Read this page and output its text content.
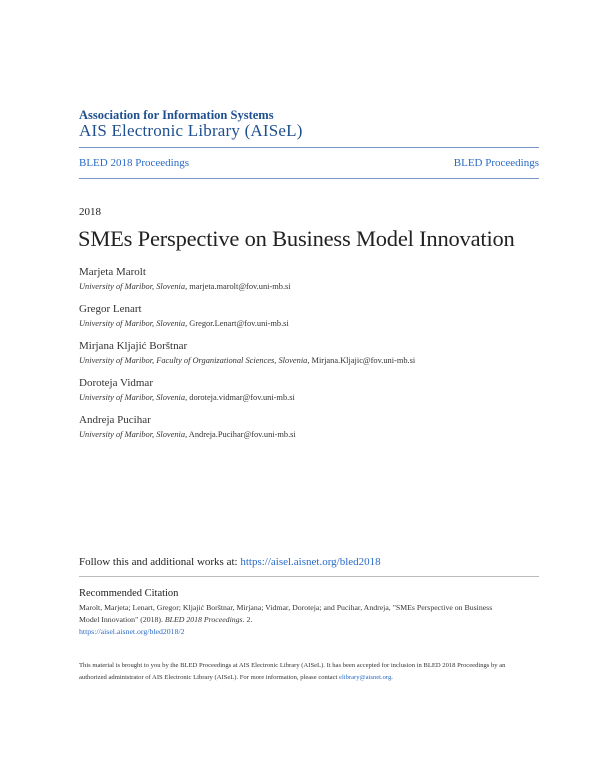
Association for Information Systems
AIS Electronic Library (AISeL)
BLED 2018 Proceedings	BLED Proceedings
2018
SMEs Perspective on Business Model Innovation
Marjeta Marolt
University of Maribor, Slovenia, marjeta.marolt@fov.uni-mb.si
Gregor Lenart
University of Maribor, Slovenia, Gregor.Lenart@fov.uni-mb.si
Mirjana Kljajić Borštnar
University of Maribor, Faculty of Organizational Sciences, Slovenia, Mirjana.Kljajic@fov.uni-mb.si
Doroteja Vidmar
University of Maribor, Slovenia, doroteja.vidmar@fov.uni-mb.si
Andreja Pucihar
University of Maribor, Slovenia, Andreja.Pucihar@fov.uni-mb.si
Follow this and additional works at: https://aisel.aisnet.org/bled2018
Recommended Citation
Marolt, Marjeta; Lenart, Gregor; Kljajić Borštnar, Mirjana; Vidmar, Doroteja; and Pucihar, Andreja, "SMEs Perspective on Business Model Innovation" (2018). BLED 2018 Proceedings. 2.
https://aisel.aisnet.org/bled2018/2
This material is brought to you by the BLED Proceedings at AIS Electronic Library (AISeL). It has been accepted for inclusion in BLED 2018 Proceedings by an authorized administrator of AIS Electronic Library (AISeL). For more information, please contact elibrary@aisnet.org.
